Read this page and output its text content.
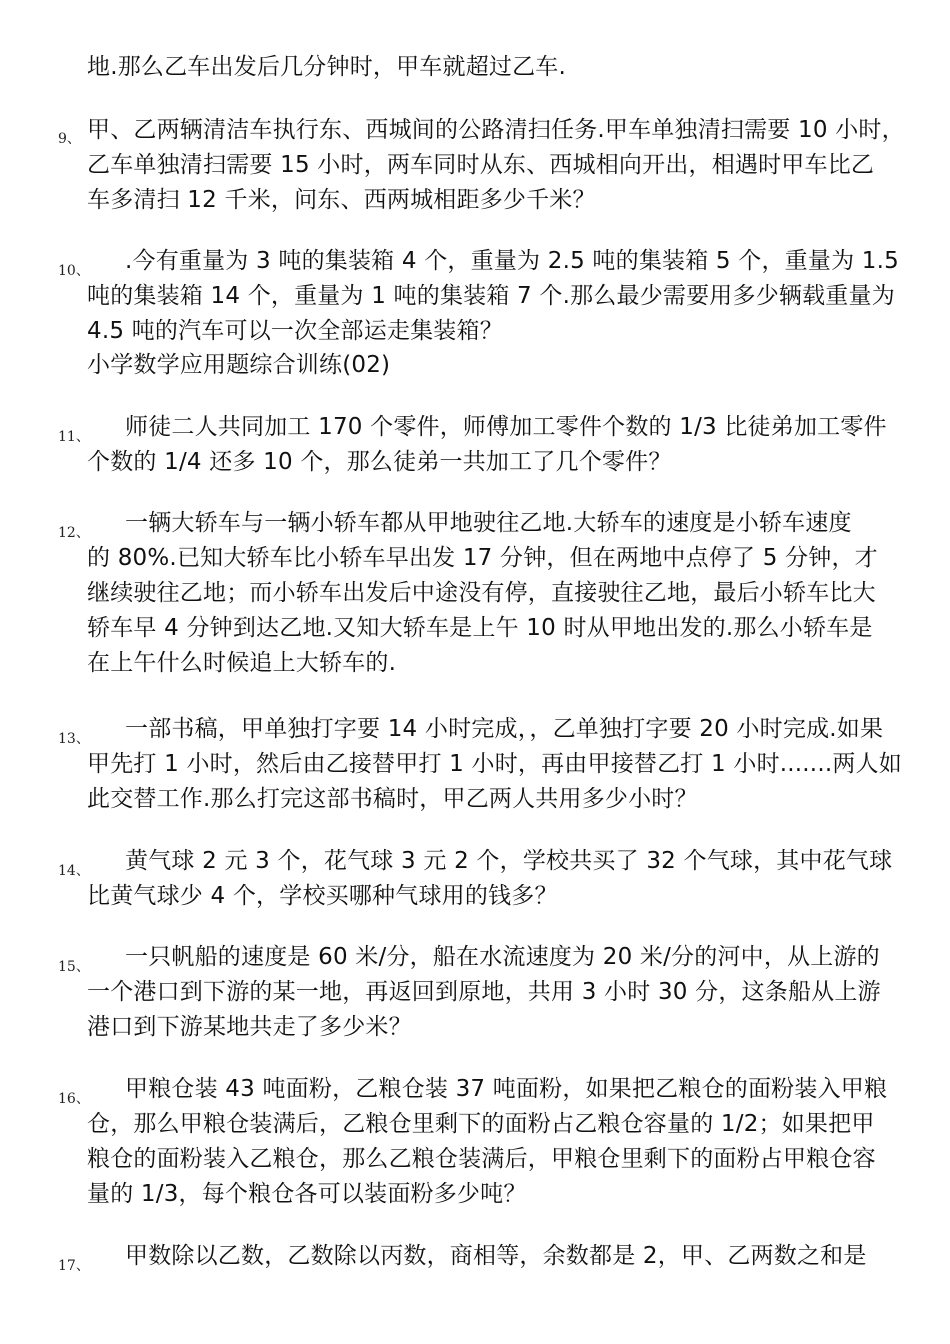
地.那么乙车出发后几分钟时，甲车就超过乙车.
9、 甲、乙两辆清洁车执行东、西城间的公路清扫任务.甲车单独清扫需要 10 小时，
乙车单独清扫需要 15 小时，两车同时从东、西城相向开出，相遇时甲车比乙
车多清扫 12 千米，问东、西两城相距多少千米？
10、	.今有重量为 3 吨的集装箱 4 个，重量为 2.5 吨的集装箱 5 个，重量为 1.5
吨的集装箱 14 个，重量为 1 吨的集装箱 7 个.那么最少需要用多少辆载重量为
4.5 吨的汽车可以一次全部运走集装箱？
小学数学应用题综合训练(02)
11、	师徒二人共同加工 170 个零件，师傅加工零件个数的 1/3 比徒弟加工零件
个数的 1/4 还多 10 个，那么徒弟一共加工了几个零件？
12、	一辆大轿车与一辆小轿车都从甲地驶往乙地.大轿车的速度是小轿车速度
的 80%.已知大轿车比小轿车早出发 17 分钟，但在两地中点停了 5 分钟，才
继续驶往乙地；而小轿车出发后中途没有停，直接驶往乙地，最后小轿车比大
轿车早 4 分钟到达乙地.又知大轿车是上午 10 时从甲地出发的.那么小轿车是
在上午什么时候追上大轿车的.
13、	一部书稿，甲单独打字要 14 小时完成，，乙单独打字要 20 小时完成.如果
甲先打 1 小时，然后由乙接替甲打 1 小时，再由甲接替乙打 1 小时.......两人如
此交替工作.那么打完这部书稿时，甲乙两人共用多少小时？
14、	黄气球 2 元 3 个，花气球 3 元 2 个，学校共买了 32 个气球，其中花气球
比黄气球少 4 个，学校买哪种气球用的钱多？
15、	一只帆船的速度是 60 米/分，船在水流速度为 20 米/分的河中，从上游的
一个港口到下游的某一地，再返回到原地，共用 3 小时 30 分，这条船从上游
港口到下游某地共走了多少米？
16、	甲粮仓装 43 吨面粉，乙粮仓装 37 吨面粉，如果把乙粮仓的面粉装入甲粮
仓，那么甲粮仓装满后，乙粮仓里剩下的面粉占乙粮仓容量的 1/2；如果把甲
粮仓的面粉装入乙粮仓，那么乙粮仓装满后，甲粮仓里剩下的面粉占甲粮仓容
量的 1/3，每个粮仓各可以装面粉多少吨？
17、	甲数除以乙数，乙数除以丙数，商相等，余数都是 2，甲、乙两数之和是
